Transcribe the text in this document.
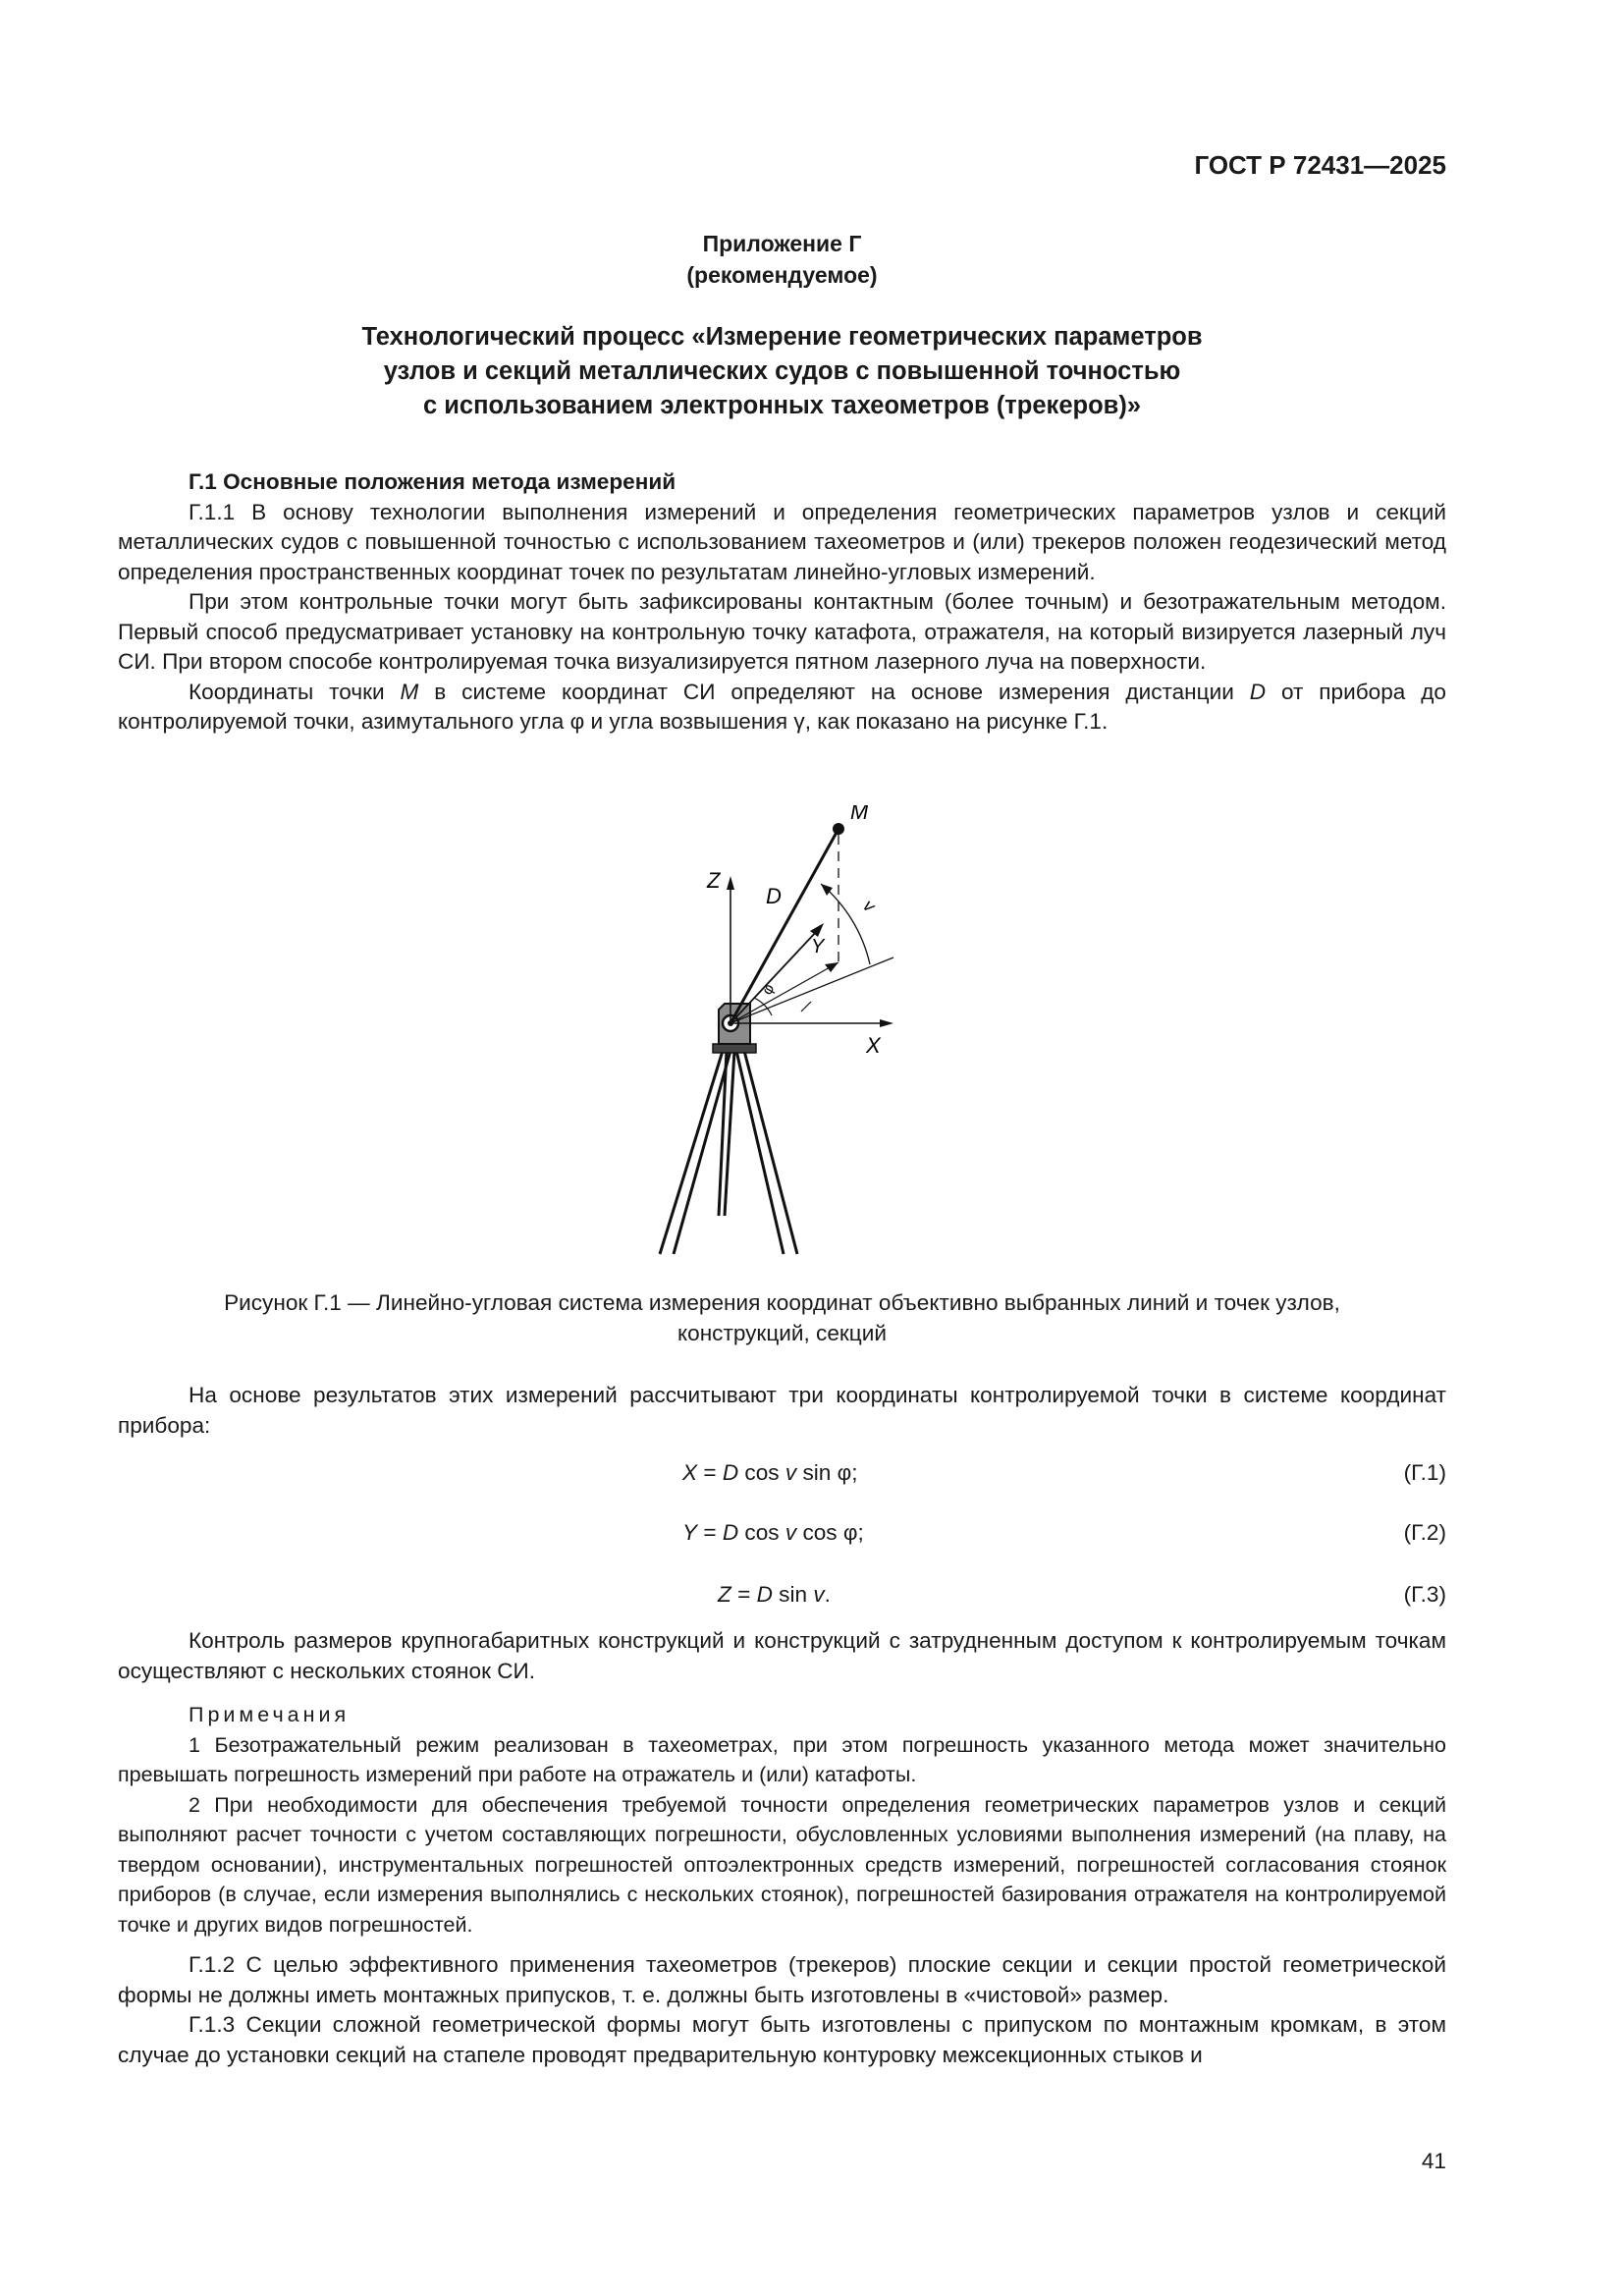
ГОСТ Р 72431—2025
Приложение Г
(рекомендуемое)
Технологический процесс «Измерение геометрических параметров
узлов и секций металлических судов с повышенной точностью
с использованием электронных тахеометров (трекеров)»

Г.1 Основные положения метода измерений

Г.1.1 В основу технологии выполнения измерений и определения геометрических параметров узлов и секций металлических судов с повышенной точностью с использованием тахеометров и (или) трекеров положен геодезический метод определения пространственных координат точек по результатам линейно-угловых измерений.

При этом контрольные точки могут быть зафиксированы контактным (более точным) и безотражательным методом. Первый способ предусматривает установку на контрольную точку катафота, отражателя, на который визируется лазерный луч СИ. При втором способе контролируемая точка визуализируется пятном лазерного луча на поверхности.

Координаты точки M в системе координат СИ определяют на основе измерения дистанции D от прибора до контролируемой точки, азимутального угла φ и угла возвышения γ, как показано на рисунке Г.1.

M
Z
D
Y
X
v
φ
Рисунок Г.1 — Линейно-угловая система измерения координат объективно выбранных линий и точек узлов,
конструкций, секций

На основе результатов этих измерений рассчитывают три координаты контролируемой точки в системе координат прибора:

X = D cos v sin φ;	(Г.1)
Y = D cos v cos φ;	(Г.2)
Z = D sin v.	(Г.3)

Контроль размеров крупногабаритных конструкций и конструкций с затрудненным доступом к контролируемым точкам осуществляют с нескольких стоянок СИ.

Примечания

1 Безотражательный режим реализован в тахеометрах, при этом погрешность указанного метода может значительно превышать погрешность измерений при работе на отражатель и (или) катафоты.

2 При необходимости для обеспечения требуемой точности определения геометрических параметров узлов и секций выполняют расчет точности с учетом составляющих погрешности, обусловленных условиями выполнения измерений (на плаву, на твердом основании), инструментальных погрешностей оптоэлектронных средств измерений, погрешностей согласования стоянок приборов (в случае, если измерения выполнялись с нескольких стоянок), погрешностей базирования отражателя на контролируемой точке и других видов погрешностей.

Г.1.2 С целью эффективного применения тахеометров (трекеров) плоские секции и секции простой геометрической формы не должны иметь монтажных припусков, т. е. должны быть изготовлены в «чистовой» размер.

Г.1.3 Секции сложной геометрической формы могут быть изготовлены с припуском по монтажным кромкам, в этом случае до установки секций на стапеле проводят предварительную контуровку межсекционных стыков и

41
